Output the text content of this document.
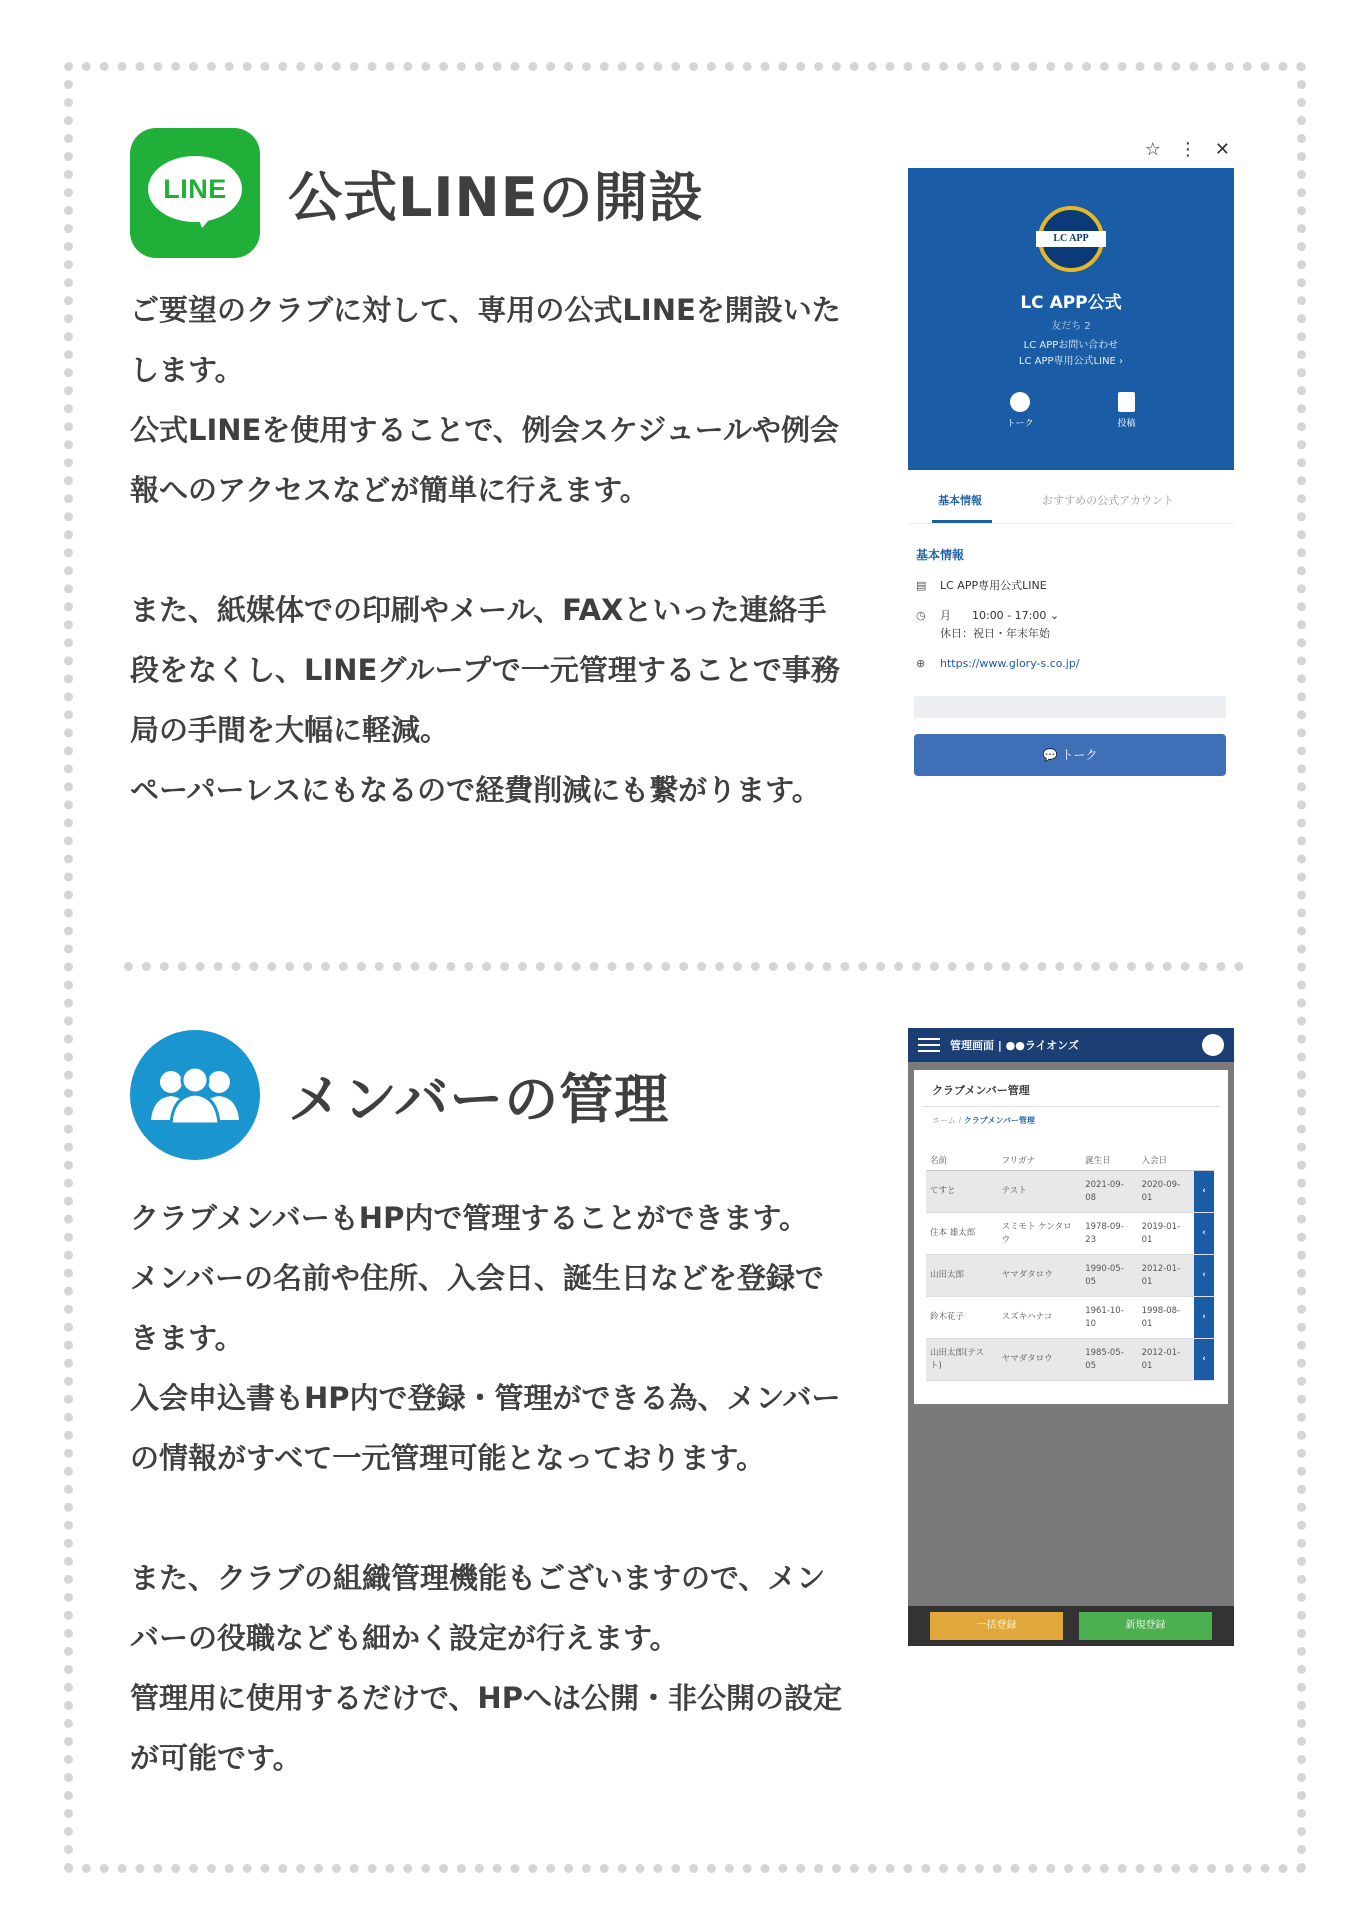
LINE 公式LINEの開設

ご要望のクラブに対して、専用の公式LINEを開設いたします。

公式LINEを使用することで、例会スケジュールや例会報へのアクセスなどが簡単に行えます。

また、紙媒体での印刷やメール、FAXといった連絡手段をなくし、LINEグループで一元管理することで事務局の手間を大幅に軽減。

ペーパーレスにもなるので経費削減にも繋がります。

☆ ⋮ ✕
LC APP
LC APP公式
友だち 2
LC APPお問い合わせ
LC APP専用公式LINE ›
トーク	投稿
基本情報	おすすめの公式アカウント
基本情報
▤ LC APP専用公式LINE
◷ 月 10:00 - 17:00 ⌄
休日：祝日・年末年始
⊕ https://www.glory-s.co.jp/
💬 トーク
メンバーの管理

クラブメンバーもHP内で管理することができます。

メンバーの名前や住所、入会日、誕生日などを登録できます。

入会申込書もHP内で登録・管理ができる為、メンバーの情報がすべて一元管理可能となっております。

また、クラブの組織管理機能もございますので、メンバーの役職なども細かく設定が行えます。

管理用に使用するだけで、HPへは公開・非公開の設定が可能です。

管理画面 | ●●ライオンズ
クラブメンバー管理
ホーム / クラブメンバー管理
名前	フリガナ	誕生日	入会日	
てすと	テスト	2021-09-08	2020-09-01	‹
住本 雄太郎	スミモト ケンタロウ	1978-09-23	2019-01-01	‹
山田太郎	ヤマダタロウ	1990-05-05	2012-01-01	‹
鈴木花子	スズキハナコ	1961-10-10	1998-08-01	‹
山田太郎(テスト)	ヤマダタロウ	1985-05-05	2012-01-01	‹
一括登録	新規登録
